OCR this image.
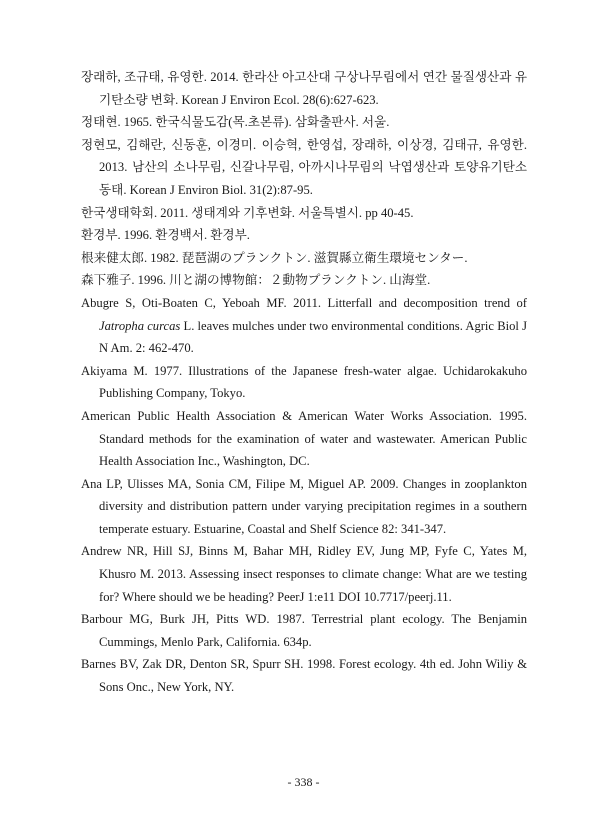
장래하, 조규태, 유영한. 2014. 한라산 아고산대 구상나무림에서 연간 물질생산과 유기탄소량 변화. Korean J Environ Ecol. 28(6):627-623.

정태현. 1965. 한국식물도감(목.초본류). 삼화출판사. 서울.

정현모, 김해란, 신동훈, 이경미. 이승혁, 한영섭, 장래하, 이상경, 김태규, 유영한. 2013. 남산의 소나무림, 신갈나무림, 아까시나무림의 낙엽생산과 토양유기탄소 동태. Korean J Environ Biol. 31(2):87-95.

한국생태학회. 2011. 생태계와 기후변화. 서울특별시. pp 40-45.

환경부. 1996. 환경백서. 환경부.

根来健太郎. 1982. 琵琶湖のプランクトン. 滋賀縣立衛生環境センター.

森下雅子. 1996. 川と湖の博物館：２動物プランクトン. 山海堂.

Abugre S, Oti-Boaten C, Yeboah MF. 2011. Litterfall and decomposition trend of Jatropha curcas L. leaves mulches under two environmental conditions. Agric Biol J N Am. 2: 462-470.

Akiyama M. 1977. Illustrations of the Japanese fresh-water algae. Uchidarokakuho Publishing Company, Tokyo.

American Public Health Association & American Water Works Association. 1995. Standard methods for the examination of water and wastewater. American Public Health Association Inc., Washington, DC.

Ana LP, Ulisses MA, Sonia CM, Filipe M, Miguel AP. 2009. Changes in zooplankton diversity and distribution pattern under varying precipitation regimes in a southern temperate estuary. Estuarine, Coastal and Shelf Science 82: 341-347.

Andrew NR, Hill SJ, Binns M, Bahar MH, Ridley EV, Jung MP, Fyfe C, Yates M, Khusro M. 2013. Assessing insect responses to climate change: What are we testing for? Where should we be heading? PeerJ 1:e11 DOI 10.7717/peerj.11.

Barbour MG, Burk JH, Pitts WD. 1987. Terrestrial plant ecology. The Benjamin Cummings, Menlo Park, California. 634p.

Barnes BV, Zak DR, Denton SR, Spurr SH. 1998. Forest ecology. 4th ed. John Wiliy & Sons Onc., New York, NY.

- 338 -
